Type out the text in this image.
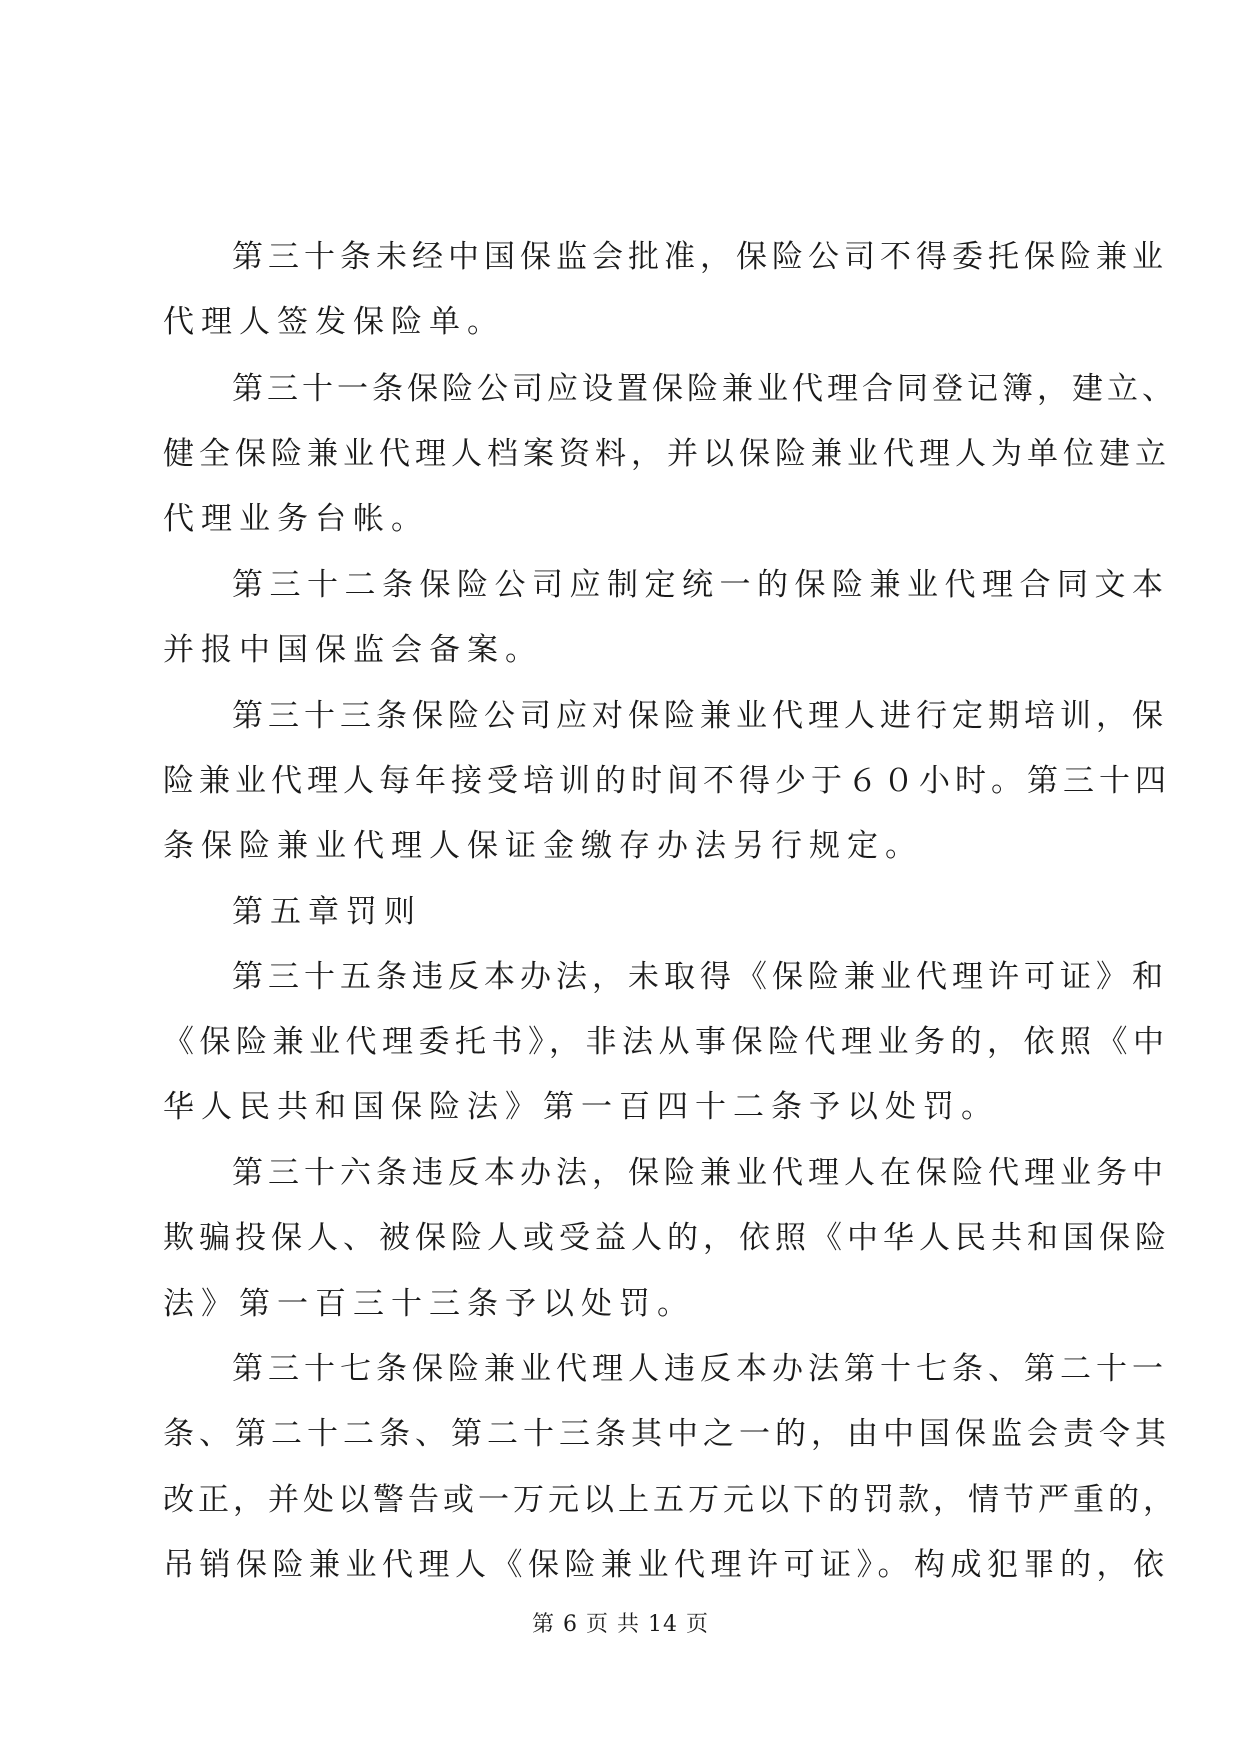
第三十条未经中国保监会批准，保险公司不得委托保险兼业
代理人签发保险单。
第三十一条保险公司应设置保险兼业代理合同登记簿，建立、
健全保险兼业代理人档案资料，并以保险兼业代理人为单位建立
代理业务台帐。
第三十二条保险公司应制定统一的保险兼业代理合同文本
并报中国保监会备案。
第三十三条保险公司应对保险兼业代理人进行定期培训，保
险兼业代理人每年接受培训的时间不得少于６０小时。第三十四
条保险兼业代理人保证金缴存办法另行规定。
第五章罚则
第三十五条违反本办法，未取得《保险兼业代理许可证》和
《保险兼业代理委托书》，非法从事保险代理业务的，依照《中
华人民共和国保险法》第一百四十二条予以处罚。
第三十六条违反本办法，保险兼业代理人在保险代理业务中
欺骗投保人、被保险人或受益人的，依照《中华人民共和国保险
法》第一百三十三条予以处罚。
第三十七条保险兼业代理人违反本办法第十七条、第二十一
条、第二十二条、第二十三条其中之一的，由中国保监会责令其
改正，并处以警告或一万元以上五万元以下的罚款，情节严重的，
吊销保险兼业代理人《保险兼业代理许可证》。构成犯罪的，依
第 6 页 共 14 页
